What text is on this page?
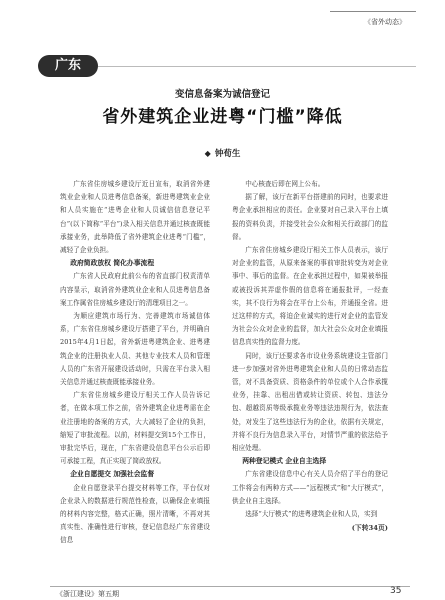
《省外动态》
广东
变信息备案为诚信登记
省外建筑企业进粤“门槛”降低
◆ 钟荀生

广东省住房城乡建设厅近日宣布，取消省外建筑业企业和人员进粤信息备案，新进粤建筑业企业和人员实施在“进粤企业和人员诚信信息登记平台”(以下简称“平台”)录入相关信息并通过核查既能承接业务，此举降低了省外建筑企业进粤“门槛”，减轻了企业负担。

政府简政放权 简化办事流程

广东省人民政府此前公布的省直部门权责清单内容显示，取消省外建筑业企业和人员进粤信息备案工作属省住房城乡建设厅的清理项目之一。

为顺应建筑市场行为、完善建筑市场诚信体系，广东省住房城乡建设厅搭建了平台，并明确自2015年4月1日起，省外新进粤建筑企业、进粤建筑企业的注册执业人员、其他专业技术人员和管理人员的广东省开展建设活动时，只需在平台录入相关信息并通过核查既能承接业务。

广东省住房城乡建设厅相关工作人员告诉记者，在做本项工作之前，省外建筑企业进粤需在企业注册地的备案的方式，大大减轻了企业的负担，缩短了审批流程。以前，材料提交到15个工作日，审批完毕后，现在，广东省建设信息平台公示后即可承接工程，真正实现了简政放权。

企业自愿提交 加强社会监督

企业自愿登录平台提交材料等工作，平台仅对企业录入的数据进行规范性检查，以确保企业填报的材料内容完整，格式正确，照片清晰，不再对其真实性、准确性进行审核，登记信息经广东省建设信息

中心核查后即在网上公布。

据了解，该厅在新平台搭建前的同时，也要求进粤企业承担相应的责任。企业要对自己录入平台上填报的资料负责，并接受社会公众和相关行政部门的监督。

广东省住房城乡建设厅相关工作人员表示，该厅对企业的监管，从原来备案的事前审批转变为对企业事中、事后的监督。在企业承担过程中，如果被举报或被投诉其弄虚作假的信息将在通报批评，一经查实，其不良行为将会在平台上公布，并通报全省。进过这样的方式，将迫企业诚实的进行对企业的监管发为社会公众对企业的监督，加大社会公众对企业填报信息真实性的监督力度。

同时，该厅还要求各市设业务系统建设主管部门进一步加强对省外进粤建筑企业和人员的日常动态监管，对不具备资质、资格条件的单位或个人合作承揽业务，挂靠、出租出借或转让资质、转包、违法分包、超越资质等级承揽业务等违法违规行为，依法查处，对发生了这些违法行为的企业，依据有关规定，并将不良行为信息录入平台，对情节严重的依法给予相应处理。

两种登记模式 企业自主选择

广东省建设信息中心有关人员介绍了平台的登记工作将会有两种方式——“远程模式”和“大厅模式”，供企业自主选择。

选择“大厅模式”的进粤建筑企业和人员，实到

(下转34页)
《浙江建设》第五期	35
